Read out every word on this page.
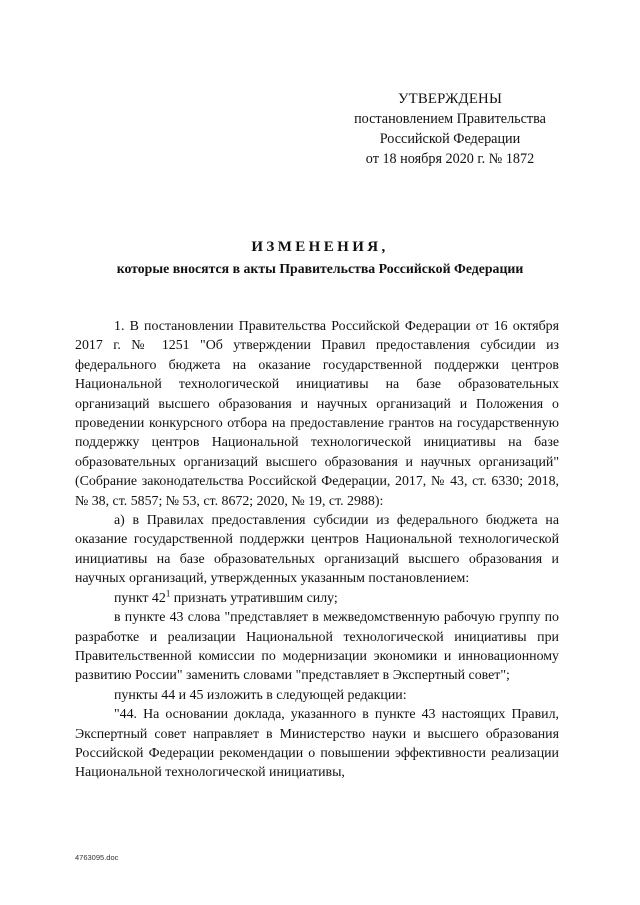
УТВЕРЖДЕНЫ
постановлением Правительства
Российской Федерации
от 18 ноября 2020 г. № 1872
ИЗМЕНЕНИЯ,
которые вносятся в акты Правительства Российской Федерации

1. В постановлении Правительства Российской Федерации от 16 октября 2017 г. № 1251 "Об утверждении Правил предоставления субсидии из федерального бюджета на оказание государственной поддержки центров Национальной технологической инициативы на базе образовательных организаций высшего образования и научных организаций и Положения о проведении конкурсного отбора на предоставление грантов на государственную поддержку центров Национальной технологической инициативы на базе образовательных организаций высшего образования и научных организаций" (Собрание законодательства Российской Федерации, 2017, № 43, ст. 6330; 2018, № 38, ст. 5857; № 53, ст. 8672; 2020, № 19, ст. 2988):

а) в Правилах предоставления субсидии из федерального бюджета на оказание государственной поддержки центров Национальной технологической инициативы на базе образовательных организаций высшего образования и научных организаций, утвержденных указанным постановлением:

пункт $42^1$ признать утратившим силу;

в пункте 43 слова "представляет в межведомственную рабочую группу по разработке и реализации Национальной технологической инициативы при Правительственной комиссии по модернизации экономики и инновационному развитию России" заменить словами "представляет в Экспертный совет";

пункты 44 и 45 изложить в следующей редакции:

"44. На основании доклада, указанного в пункте 43 настоящих Правил, Экспертный совет направляет в Министерство науки и высшего образования Российской Федерации рекомендации о повышении эффективности реализации Национальной технологической инициативы,

4763095.doc
